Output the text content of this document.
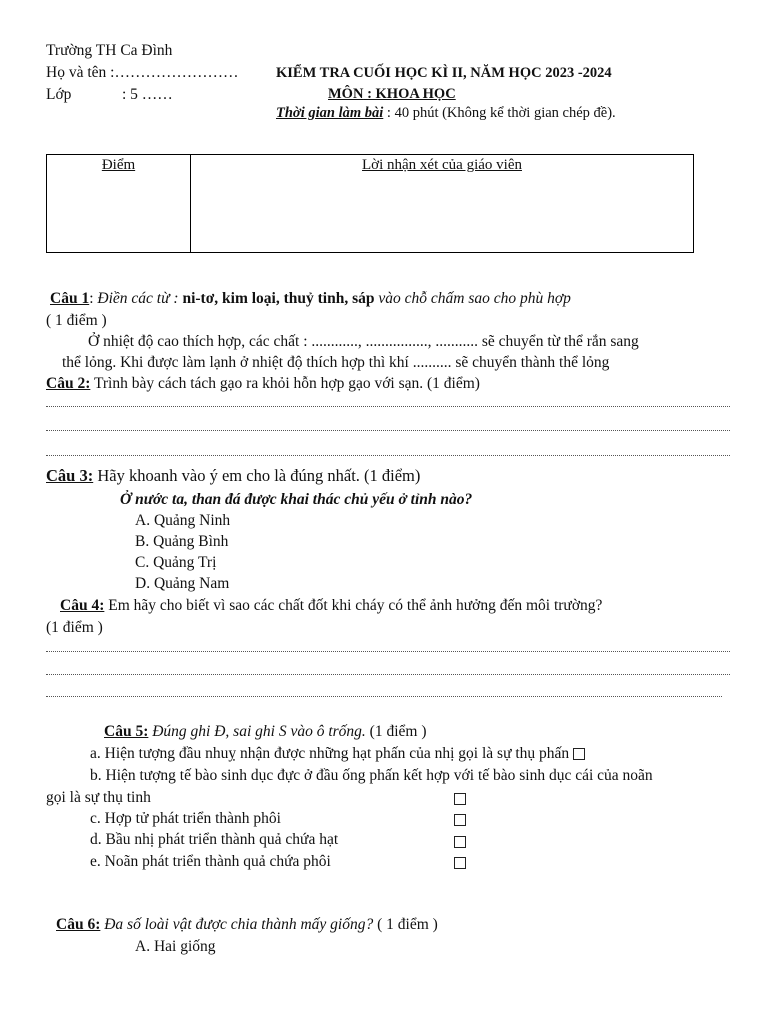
Trường TH Ca Đình
Họ và tên :……………………
Lớp	: 5 ……
KIỂM TRA CUỐI HỌC KÌ II, NĂM HỌC 2023 -2024
MÔN : KHOA HỌC
Thời gian làm bài : 40 phút (Không kể thời gian chép đề).
Điểm	Lời nhận xét của giáo viên
Câu 1: Điền các từ : ni-tơ, kim loại, thuỷ tinh, sáp vào chỗ chấm sao cho phù hợp
( 1 điểm )
Ở nhiệt độ cao thích hợp, các chất : ............, ................, ........... sẽ chuyển từ thể rắn sang
thể lỏng. Khi được làm lạnh ở nhiệt độ thích hợp thì khí .......... sẽ chuyển thành thể lỏng
Câu 2: Trình bày cách tách gạo ra khỏi hỗn hợp gạo với sạn. (1 điểm)
Câu 3: Hãy khoanh vào ý em cho là đúng nhất. (1 điểm)
Ở nước ta, than đá được khai thác chủ yếu ở tỉnh nào?
A. Quảng Ninh
B. Quảng Bình
C. Quảng Trị
D. Quảng Nam
Câu 4: Em hãy cho biết vì sao các chất đốt khi cháy có thể ảnh hưởng đến môi trường?
(1 điểm )
Câu 5: Đúng ghi Đ, sai ghi S vào ô trống. (1 điểm )
a. Hiện tượng đầu nhuỵ nhận được những hạt phấn của nhị gọi là sự thụ phấn
b. Hiện tượng tế bào sinh dục đực ở đầu ống phấn kết hợp với tế bào sinh dục cái của noãn
gọi là sự thụ tinh
c. Hợp tử phát triển thành phôi
d. Bầu nhị phát triển thành quả chứa hạt
e. Noãn phát triển thành quả chứa phôi
Câu 6: Đa số loài vật được chia thành mấy giống? ( 1 điểm )
A. Hai giống
